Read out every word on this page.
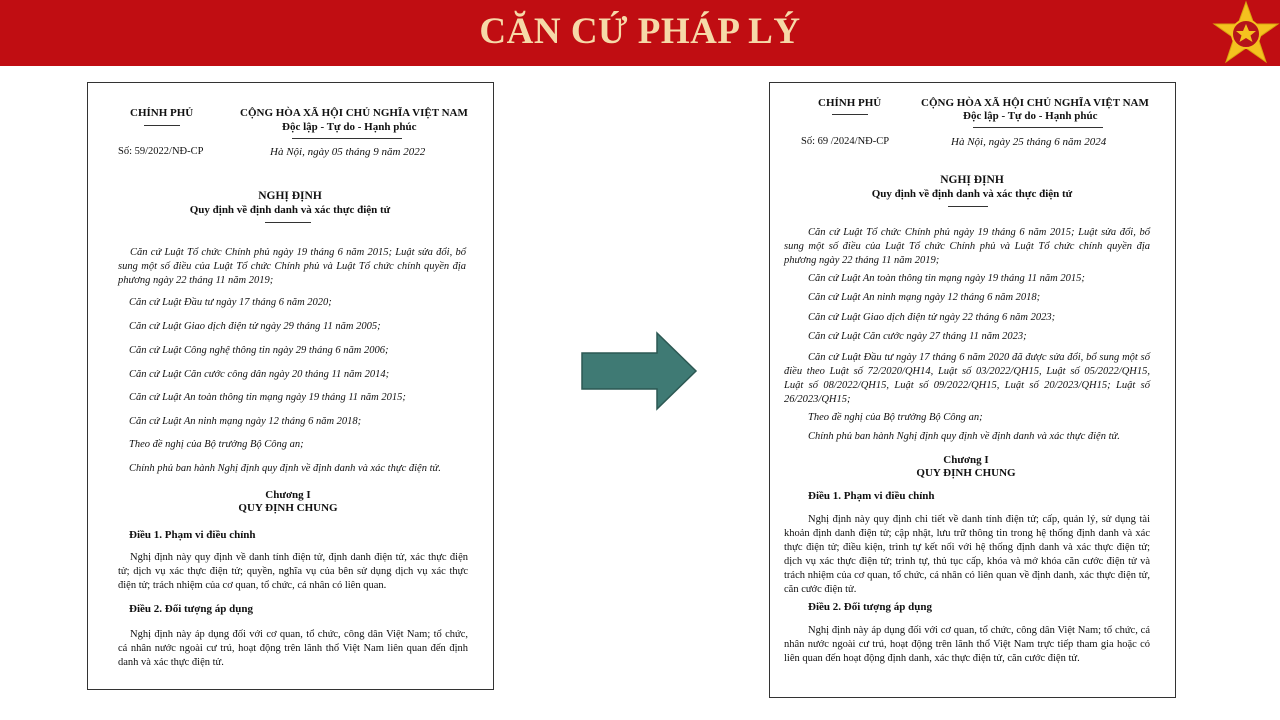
CĂN CỨ PHÁP LÝ
CHÍNH PHỦ	CỘNG HÒA XÃ HỘI CHỦ NGHĨA VIỆT NAM
Độc lập - Tự do - Hạnh phúc
Số: 59/2022/NĐ-CP	Hà Nội, ngày 05 tháng 9 năm 2022
NGHỊ ĐỊNH
Quy định về định danh và xác thực điện tử
Căn cứ Luật Tổ chức Chính phủ ngày 19 tháng 6 năm 2015; Luật sửa đổi, bổ sung một số điều của Luật Tổ chức Chính phủ và Luật Tổ chức chính quyền địa phương ngày 22 tháng 11 năm 2019;
Căn cứ Luật Đầu tư ngày 17 tháng 6 năm 2020;
Căn cứ Luật Giao dịch điện tử ngày 29 tháng 11 năm 2005;
Căn cứ Luật Công nghệ thông tin ngày 29 tháng 6 năm 2006;
Căn cứ Luật Căn cước công dân ngày 20 tháng 11 năm 2014;
Căn cứ Luật An toàn thông tin mạng ngày 19 tháng 11 năm 2015;
Căn cứ Luật An ninh mạng ngày 12 tháng 6 năm 2018;
Theo đề nghị của Bộ trưởng Bộ Công an;
Chính phủ ban hành Nghị định quy định về định danh và xác thực điện tử.
Chương I
QUY ĐỊNH CHUNG
Điều 1. Phạm vi điều chỉnh
Nghị định này quy định về danh tính điện tử, định danh điện tử, xác thực điện tử; dịch vụ xác thực điện tử; quyền, nghĩa vụ của bên sử dụng dịch vụ xác thực điện tử; trách nhiệm của cơ quan, tổ chức, cá nhân có liên quan.
Điều 2. Đối tượng áp dụng
Nghị định này áp dụng đối với cơ quan, tổ chức, công dân Việt Nam; tổ chức, cá nhân nước ngoài cư trú, hoạt động trên lãnh thổ Việt Nam liên quan đến định danh và xác thực điện tử.
CHÍNH PHỦ	CỘNG HÒA XÃ HỘI CHỦ NGHĨA VIỆT NAM
Độc lập - Tự do - Hạnh phúc
Số: 69 /2024/NĐ-CP	Hà Nội, ngày 25 tháng 6 năm 2024
NGHỊ ĐỊNH
Quy định về định danh và xác thực điện tử
Căn cứ Luật Tổ chức Chính phủ ngày 19 tháng 6 năm 2015; Luật sửa đổi, bổ sung một số điều của Luật Tổ chức Chính phủ và Luật Tổ chức chính quyền địa phương ngày 22 tháng 11 năm 2019;
Căn cứ Luật An toàn thông tin mạng ngày 19 tháng 11 năm 2015;
Căn cứ Luật An ninh mạng ngày 12 tháng 6 năm 2018;
Căn cứ Luật Giao dịch điện tử ngày 22 tháng 6 năm 2023;
Căn cứ Luật Căn cước ngày 27 tháng 11 năm 2023;
Căn cứ Luật Đầu tư ngày 17 tháng 6 năm 2020 đã được sửa đổi, bổ sung một số điều theo Luật số 72/2020/QH14, Luật số 03/2022/QH15, Luật số 05/2022/QH15, Luật số 08/2022/QH15, Luật số 09/2022/QH15, Luật số 20/2023/QH15; Luật số 26/2023/QH15;
Theo đề nghị của Bộ trưởng Bộ Công an;
Chính phủ ban hành Nghị định quy định về định danh và xác thực điện tử.
Chương I
QUY ĐỊNH CHUNG
Điều 1. Phạm vi điều chỉnh
Nghị định này quy định chi tiết về danh tính điện tử; cấp, quản lý, sử dụng tài khoản định danh điện tử; cập nhật, lưu trữ thông tin trong hệ thống định danh và xác thực điện tử; điều kiện, trình tự kết nối với hệ thống định danh và xác thực điện tử; dịch vụ xác thực điện tử; trình tự, thủ tục cấp, khóa và mở khóa căn cước điện tử và trách nhiệm của cơ quan, tổ chức, cá nhân có liên quan về định danh, xác thực điện tử, căn cước điện tử.
Điều 2. Đối tượng áp dụng
Nghị định này áp dụng đối với cơ quan, tổ chức, công dân Việt Nam; tổ chức, cá nhân nước ngoài cư trú, hoạt động trên lãnh thổ Việt Nam trực tiếp tham gia hoặc có liên quan đến hoạt động định danh, xác thực điện tử, căn cước điện tử.
